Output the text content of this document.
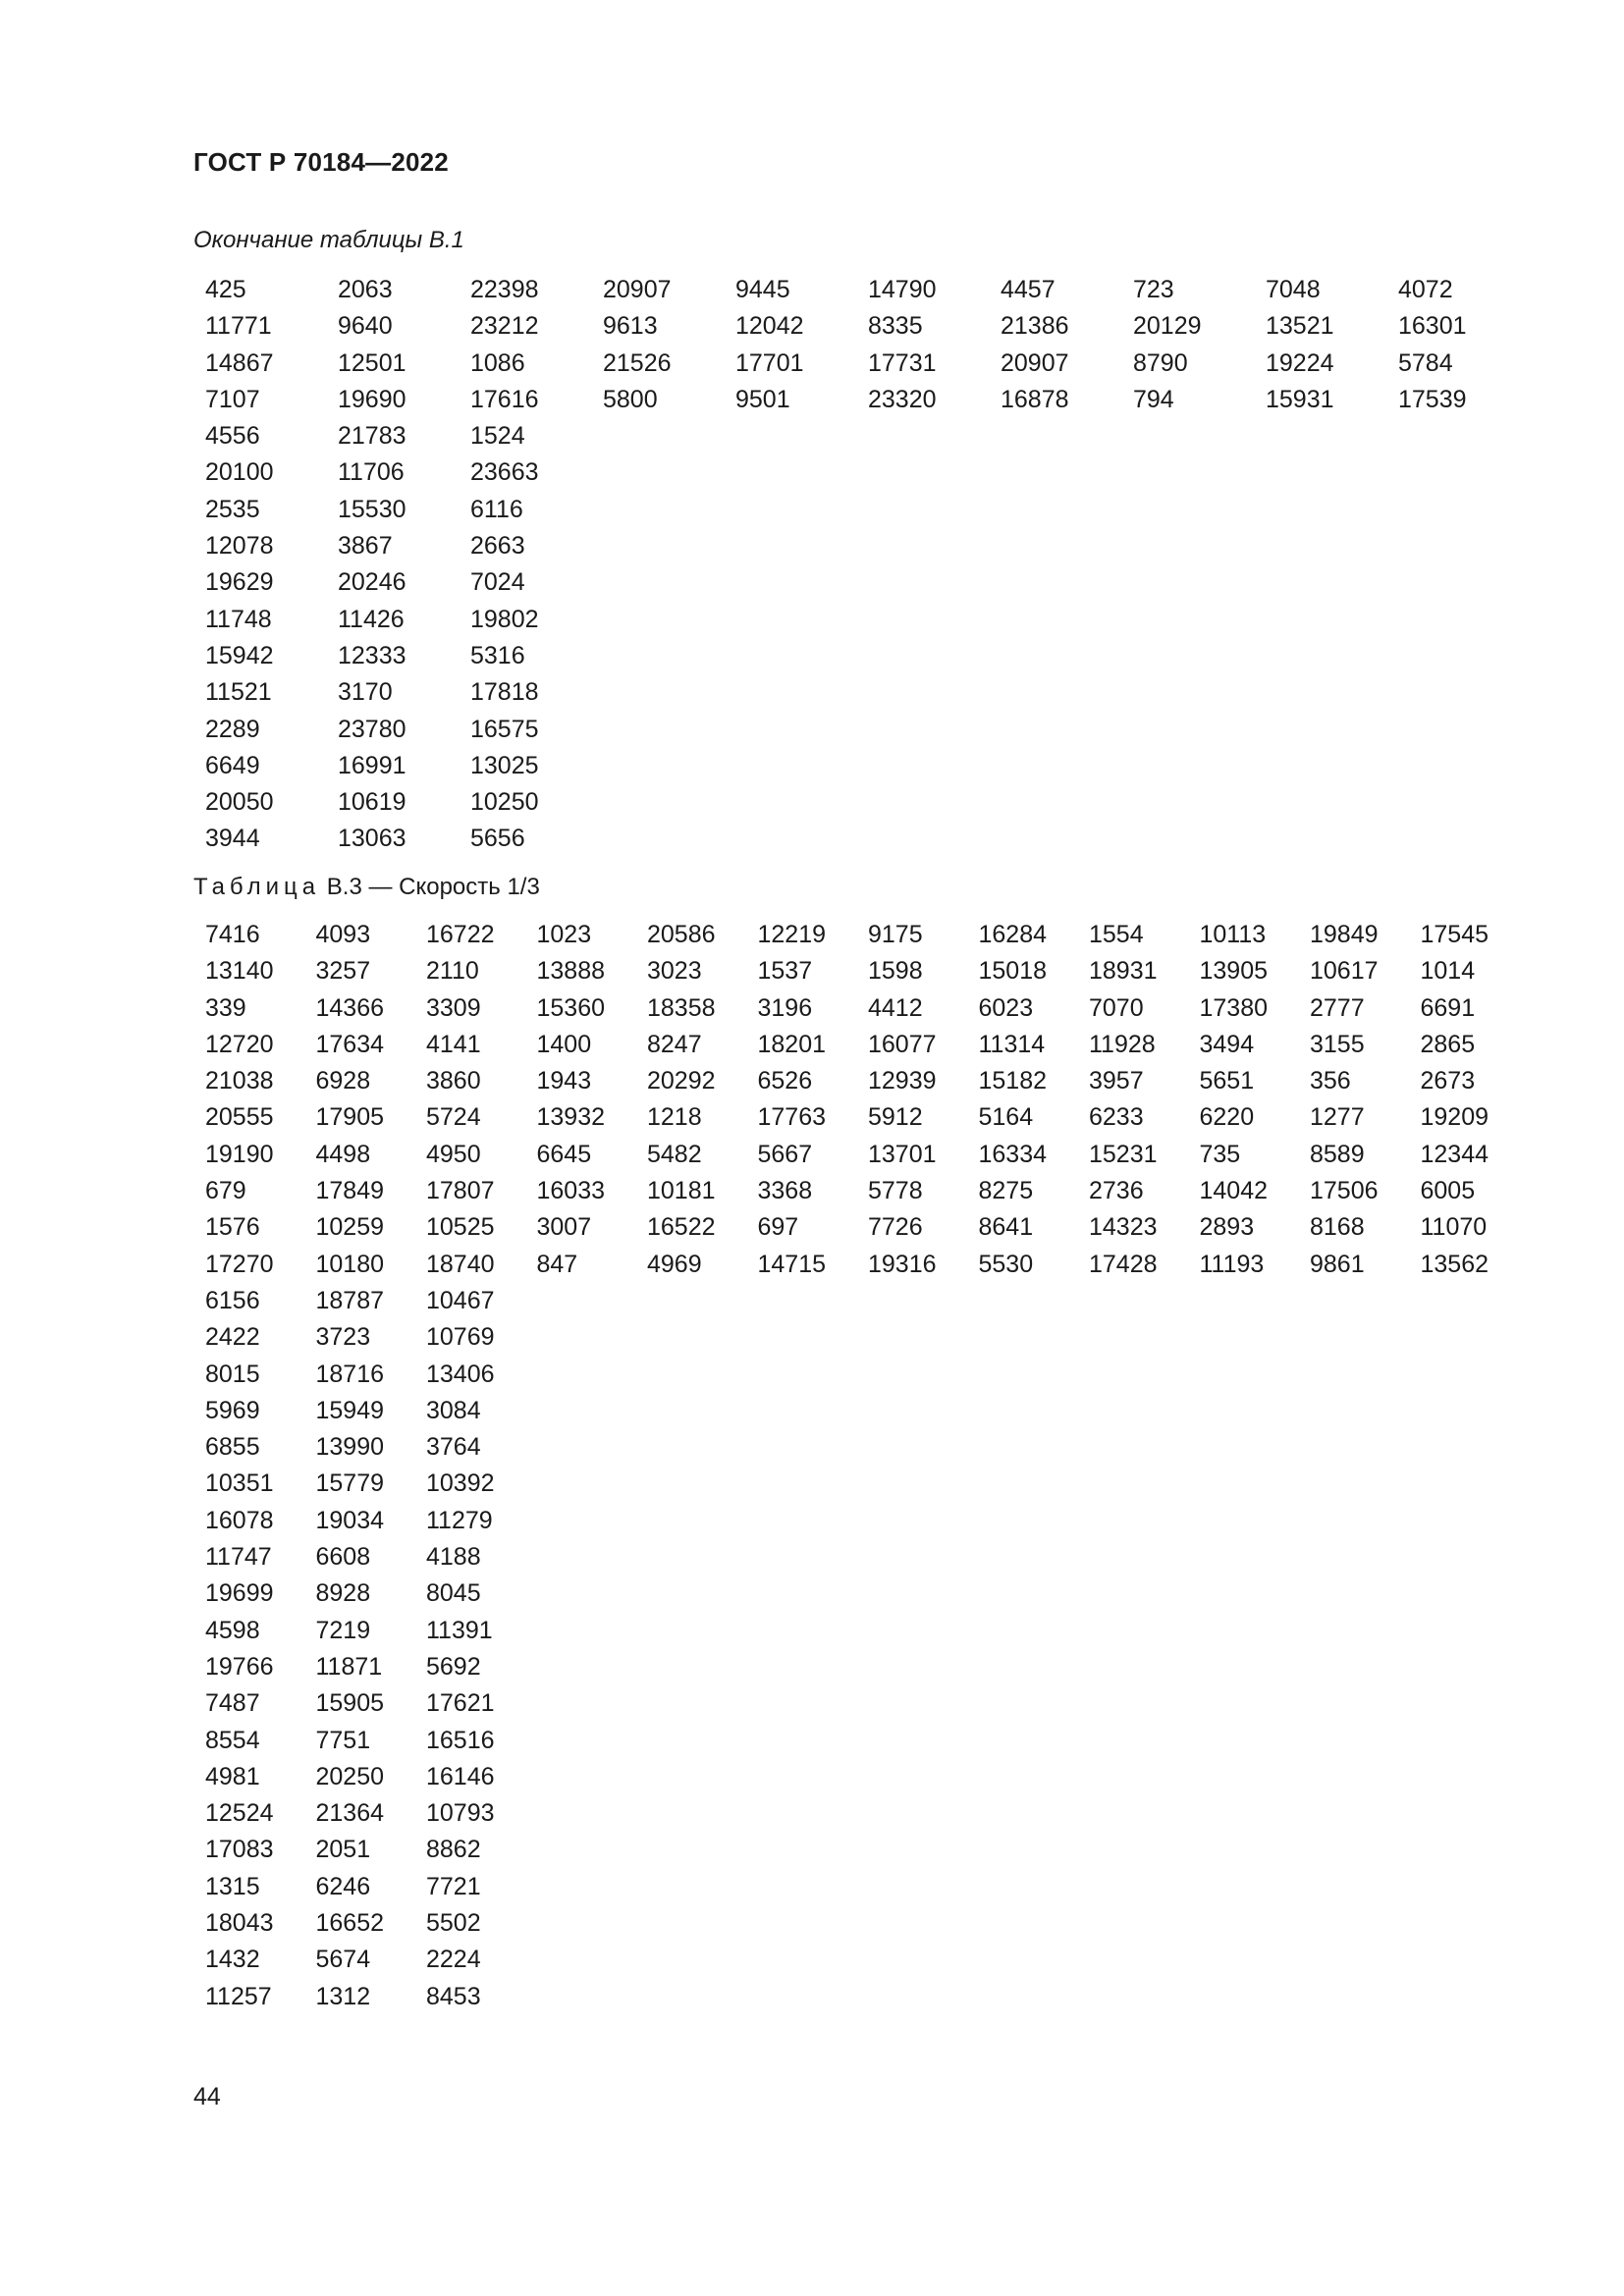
ГОСТ Р 70184—2022
Окончание таблицы В.1
425	2063	22398	20907	9445	14790	4457	723	7048	4072
11771	9640	23212	9613	12042	8335	21386	20129	13521	16301
14867	12501	1086	21526	17701	17731	20907	8790	19224	5784
7107	19690	17616	5800	9501	23320	16878	794	15931	17539
4556	21783	1524							
20100	11706	23663							
2535	15530	6116							
12078	3867	2663							
19629	20246	7024							
11748	11426	19802							
15942	12333	5316							
11521	3170	17818							
2289	23780	16575							
6649	16991	13025							
20050	10619	10250							
3944	13063	5656							
Таблица В.3 — Скорость 1/3
7416	4093	16722	1023	20586	12219	9175	16284	1554	10113	19849	17545
13140	3257	2110	13888	3023	1537	1598	15018	18931	13905	10617	1014
339	14366	3309	15360	18358	3196	4412	6023	7070	17380	2777	6691
12720	17634	4141	1400	8247	18201	16077	11314	11928	3494	3155	2865
21038	6928	3860	1943	20292	6526	12939	15182	3957	5651	356	2673
20555	17905	5724	13932	1218	17763	5912	5164	6233	6220	1277	19209
19190	4498	4950	6645	5482	5667	13701	16334	15231	735	8589	12344
679	17849	17807	16033	10181	3368	5778	8275	2736	14042	17506	6005
1576	10259	10525	3007	16522	697	7726	8641	14323	2893	8168	11070
17270	10180	18740	847	4969	14715	19316	5530	17428	11193	9861	13562
6156	18787	10467									
2422	3723	10769									
8015	18716	13406									
5969	15949	3084									
6855	13990	3764									
10351	15779	10392									
16078	19034	11279									
11747	6608	4188									
19699	8928	8045									
4598	7219	11391									
19766	11871	5692									
7487	15905	17621									
8554	7751	16516									
4981	20250	16146									
12524	21364	10793									
17083	2051	8862									
1315	6246	7721									
18043	16652	5502									
1432	5674	2224									
11257	1312	8453									
44
